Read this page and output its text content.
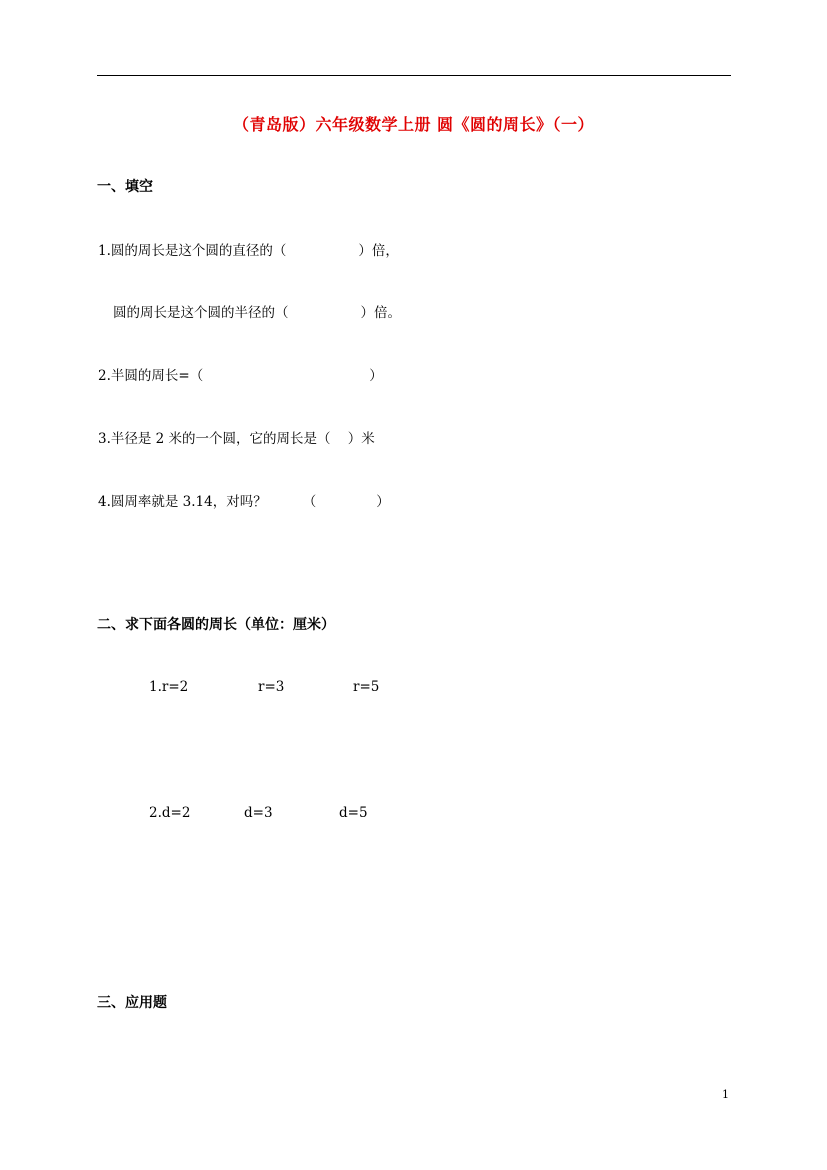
（青岛版）六年级数学上册 圆《圆的周长》（一）
一、填空
1.圆的周长是这个圆的直径的（	）倍，
圆的周长是这个圆的半径的（	）倍。
2.半圆的周长=（	）
3.半径是 2 米的一个圆，它的周长是（    ）米
4.圆周率就是 3.14，对吗？	（	）
二、求下面各圆的周长（单位：厘米）
1.r=2	r=3	r=5
2.d=2	d=3	d=5
三、应用题
1
